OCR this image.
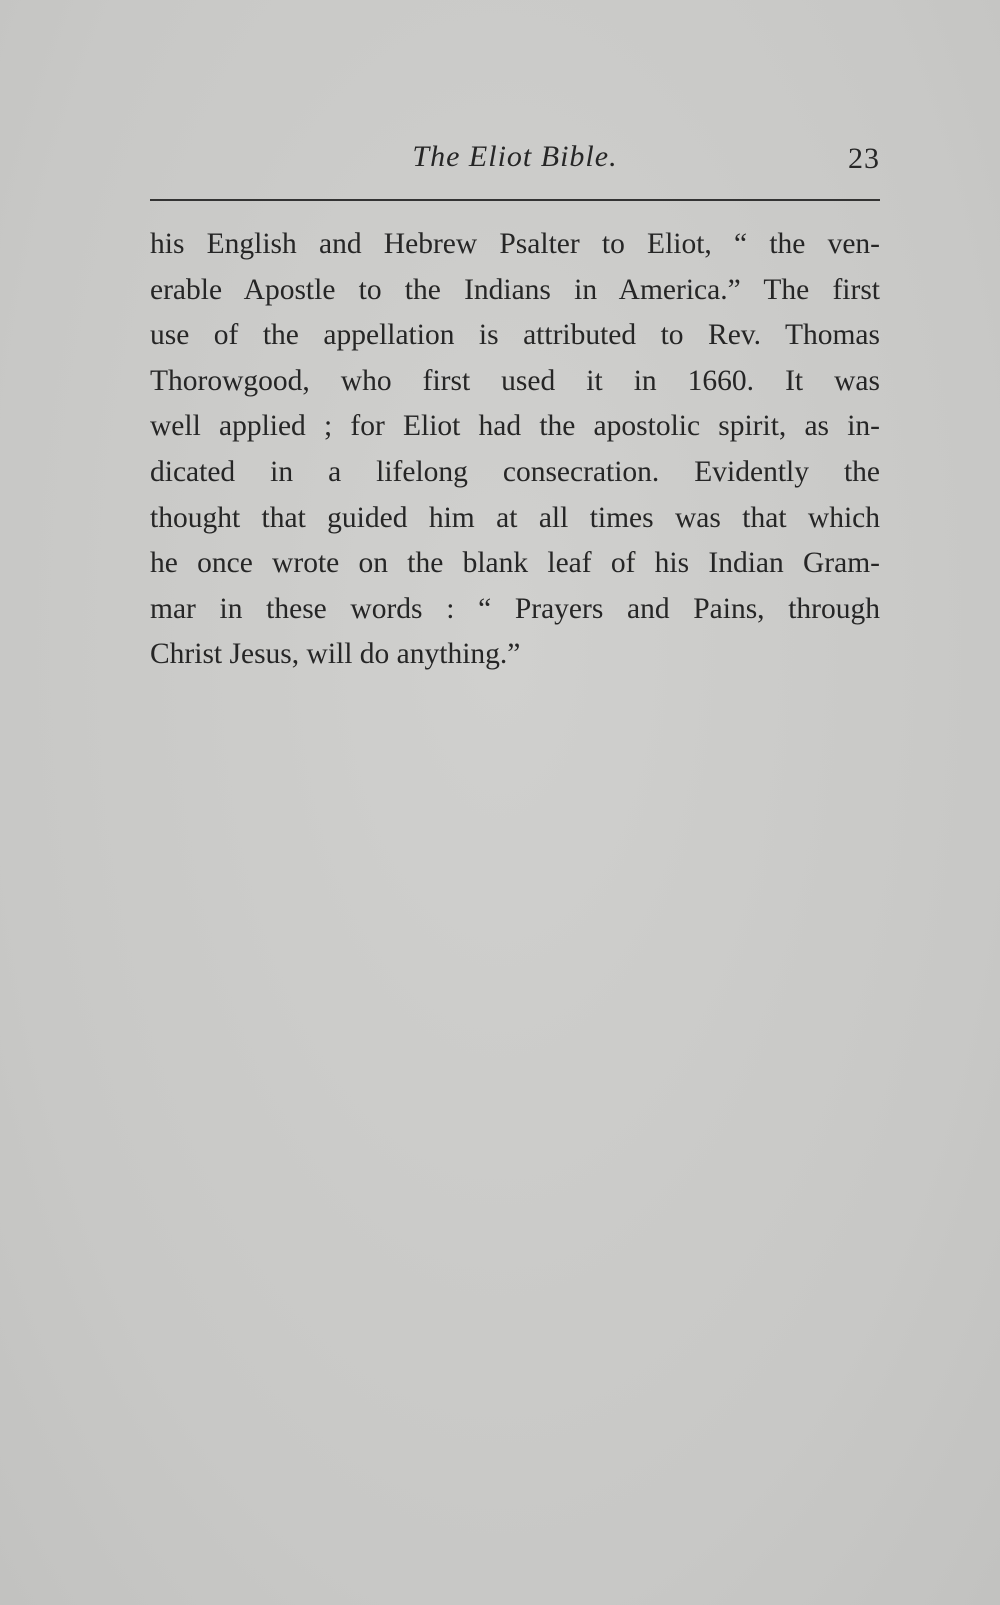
The Eliot Bible.	23
his English and Hebrew Psalter to Eliot, “ the ven-
erable Apostle to the Indians in America.” The first
use of the appellation is attributed to Rev. Thomas
Thorowgood, who first used it in 1660. It was
well applied ; for Eliot had the apostolic spirit, as in-
dicated in a lifelong consecration. Evidently the
thought that guided him at all times was that which
he once wrote on the blank leaf of his Indian Gram-
mar in these words : “ Prayers and Pains, through
Christ Jesus, will do anything.”
